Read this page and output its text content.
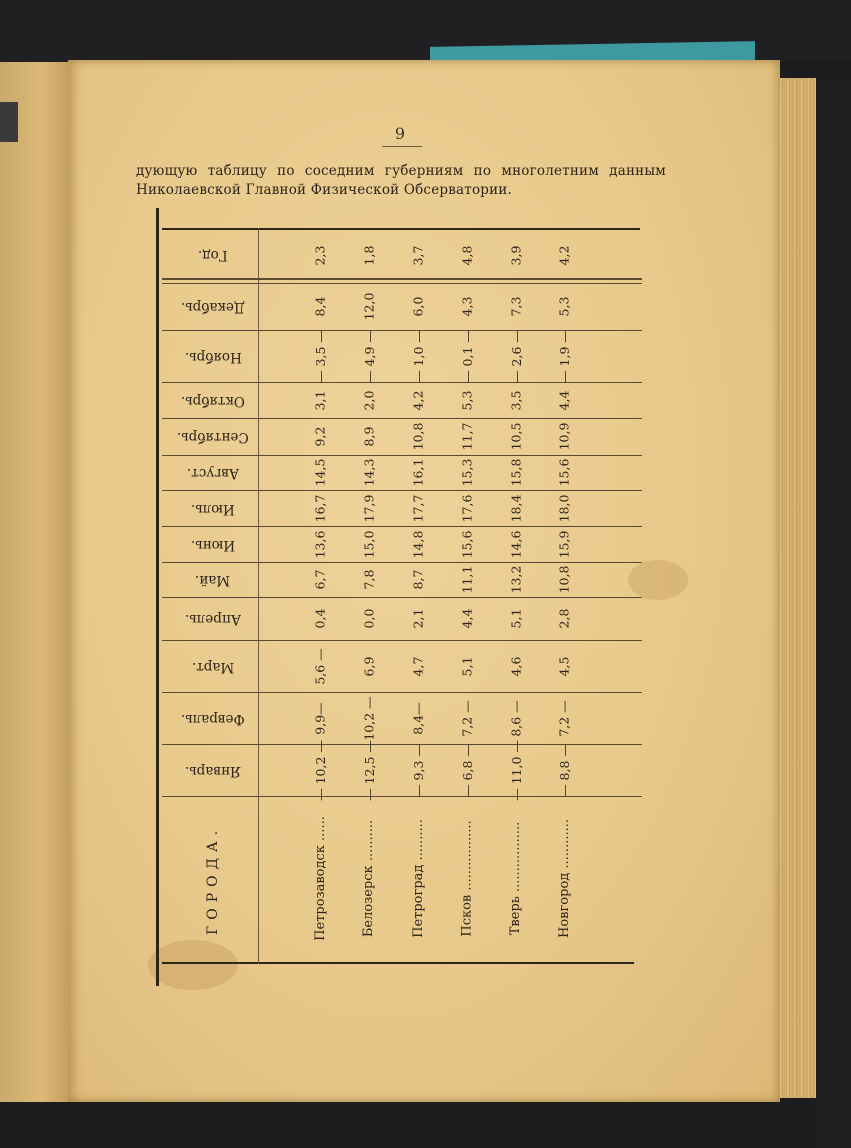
9
дующую таблицу по соседним губерниям по многолетним данным
Николаевской Главной Физической Обсерватории.
Год.
Декабрь.
Ноябрь.
Октябрь.
Сентябрь.
Август.
Июль.
Июнь.
Май.
Апрель.
Март.
Февраль.
Январь.
ГОРОДА.
2,3
8,4
— 3,5 —
3,1
9,2
14,5
16,7
13,6
6,7
0,4
5,6 —
9,9—
— 10,2 —
Петрозаводск ......
1,8
12,0
— 4,9 —
2,0
8,9
14,3
17,9
15,0
7,8
0,0
6,9
10,2 —
— 12,5 —
Белозерск ..........
3,7
6,0
— 1,0 —
4,2
10,8
16,1
17,7
14,8
8,7
2,1
4,7
8,4—
— 9,3 —
Петроград ..........
4,8
4,3
— 0,1 —
5,3
11,7
15,3
17,6
15,6
11,1
4,4
5,1
7,2 —
— 6,8 —
Псков .................
3,9
7,3
— 2,6 —
3,5
10,5
15,8
18,4
14,6
13,2
5,1
4,6
8,6 —
— 11,0 —
Тверь .................
4,2
5,3
— 1,9 —
4,4
10,9
15,6
18,0
15,9
10,8
2,8
4,5
7,2 —
— 8,8 —
Новгород ............
